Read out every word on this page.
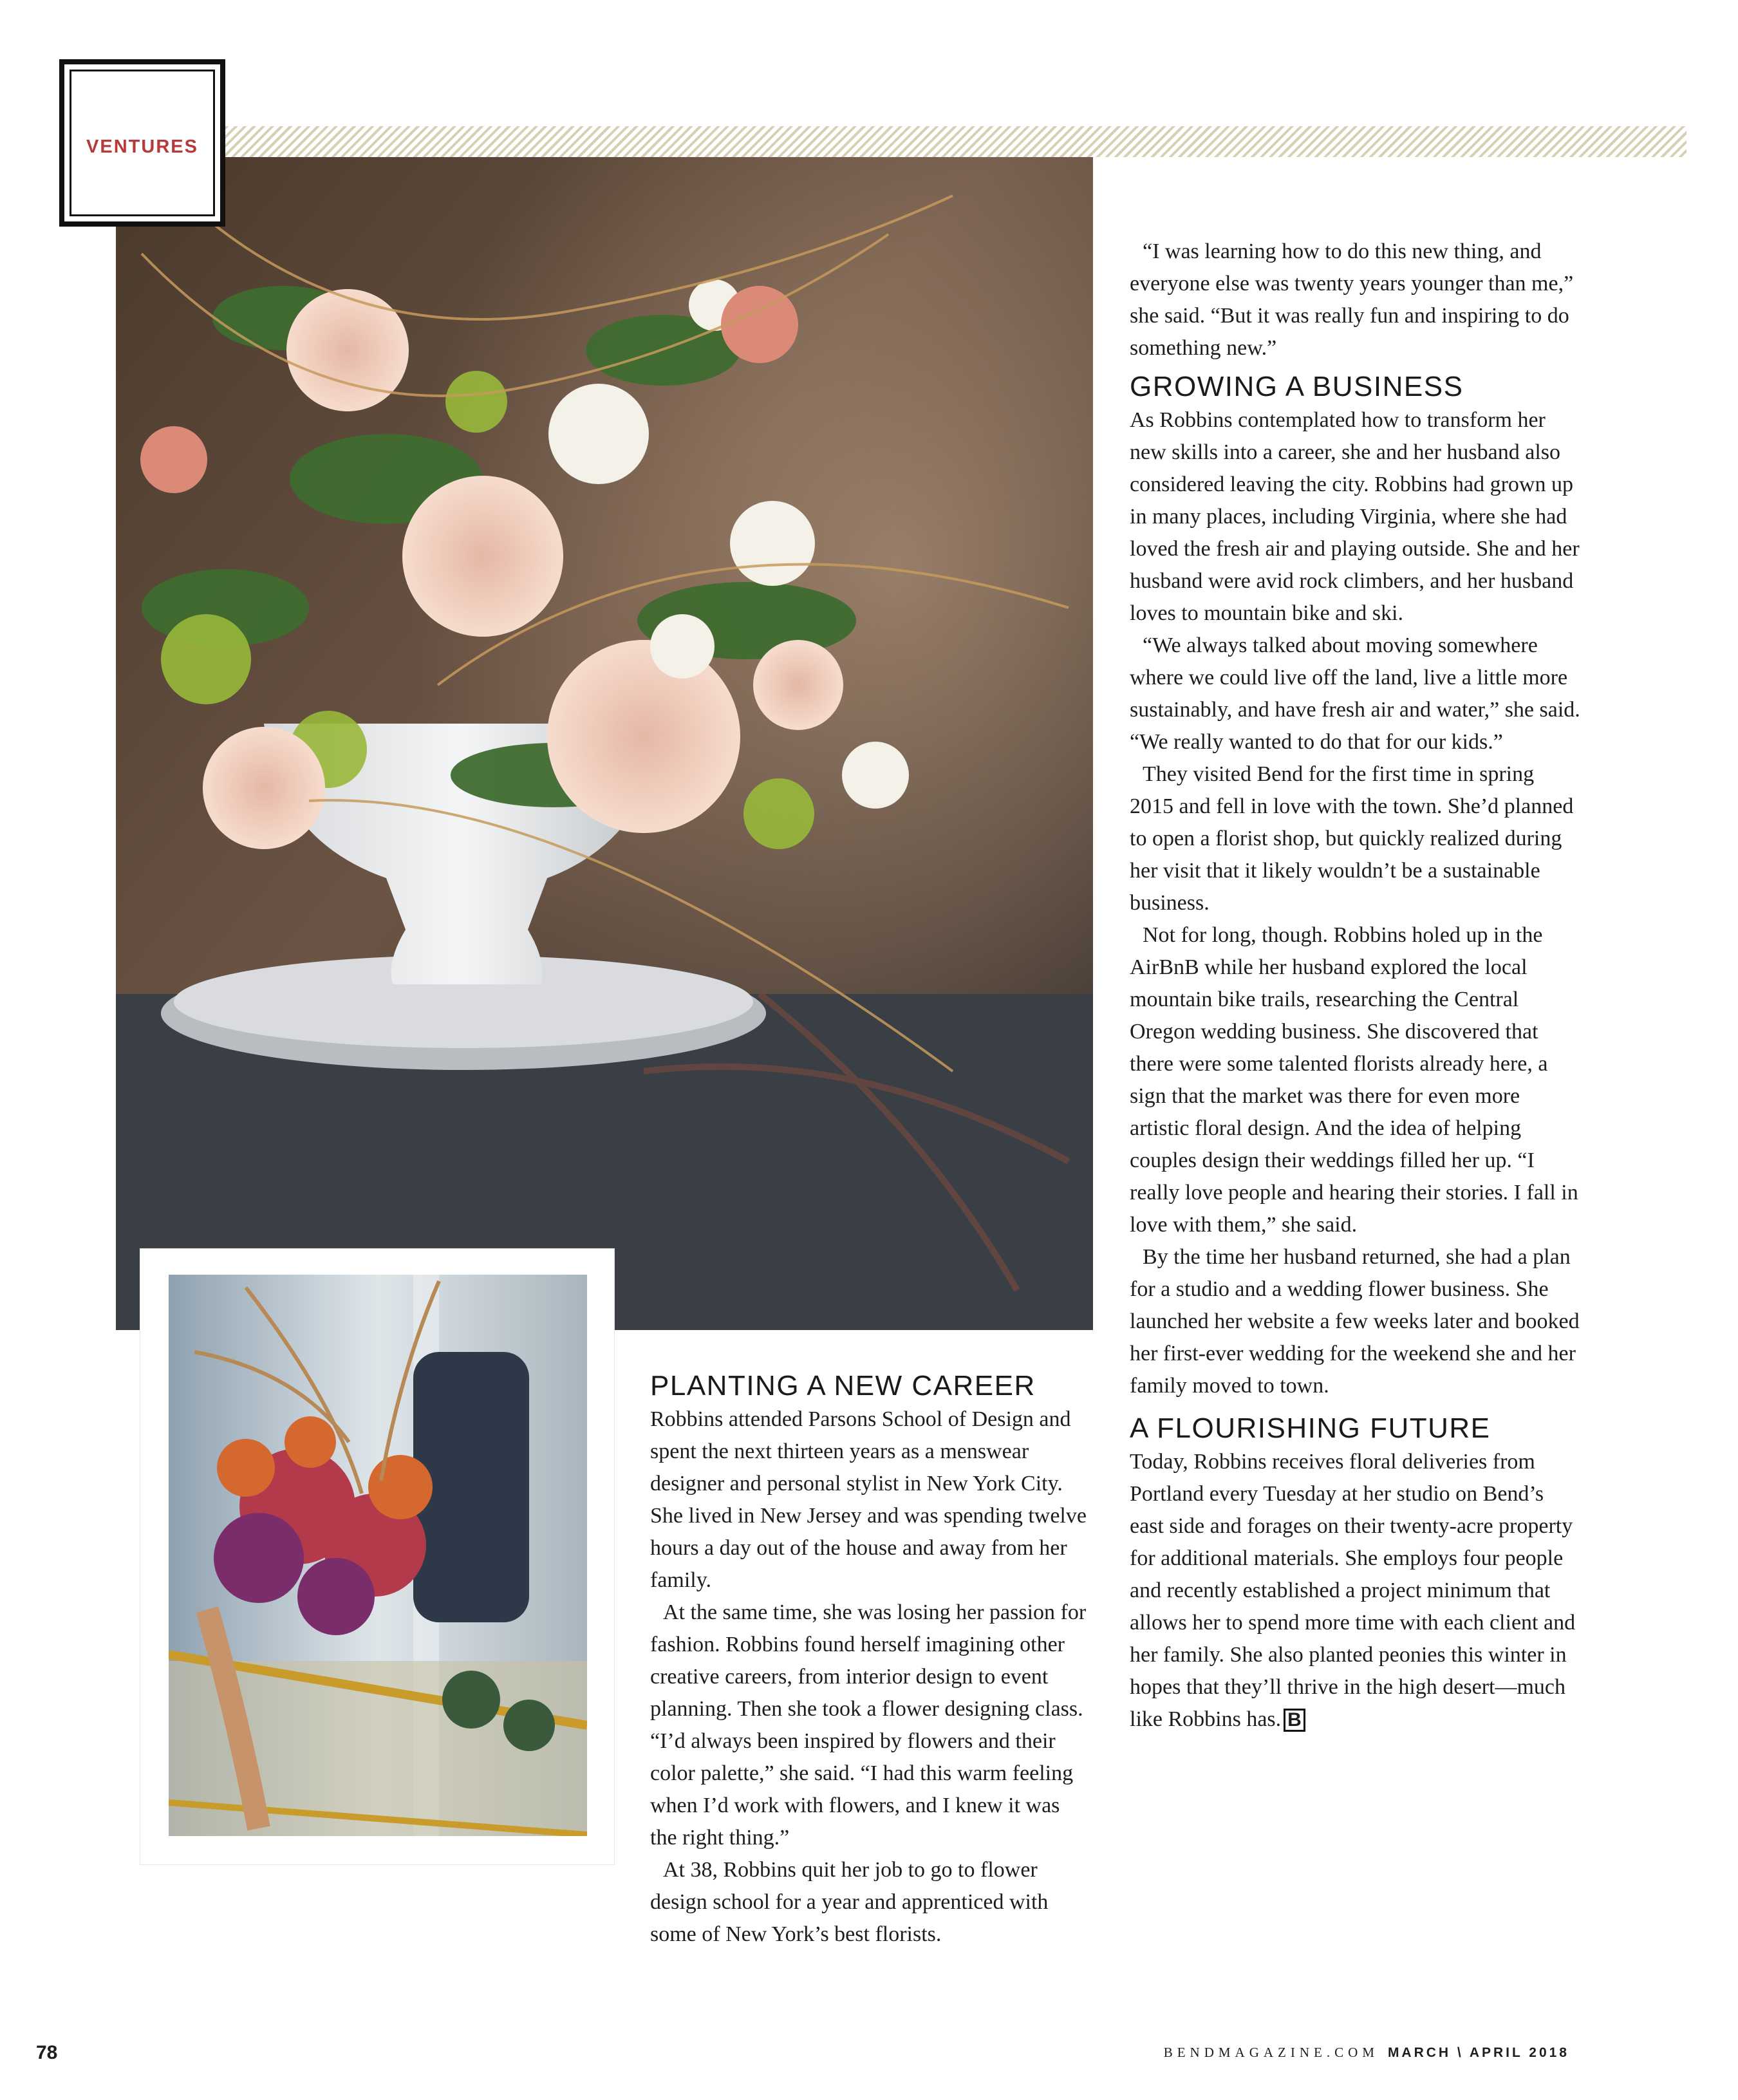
VENTURES
PLANTING A NEW CAREER

Robbins attended Parsons School of Design and spent the next thirteen years as a menswear designer and personal stylist in New York City. She lived in New Jersey and was spending twelve hours a day out of the house and away from her family.

At the same time, she was losing her passion for fashion. Robbins found herself imagining other creative careers, from interior design to event planning. Then she took a flower designing class. “I’d always been inspired by flowers and their color palette,” she said. “I had this warm feeling when I’d work with flowers, and I knew it was the right thing.”

At 38, Robbins quit her job to go to flower design school for a year and apprenticed with some of New York’s best florists.

“I was learning how to do this new thing, and everyone else was twenty years younger than me,” she said. “But it was really fun and inspiring to do something new.”

GROWING A BUSINESS

As Robbins contemplated how to transform her new skills into a career, she and her husband also considered leaving the city. Robbins had grown up in many places, including Virginia, where she had loved the fresh air and playing outside. She and her husband were avid rock climbers, and her husband loves to mountain bike and ski.

“We always talked about moving somewhere where we could live off the land, live a little more sustainably, and have fresh air and water,” she said. “We really wanted to do that for our kids.”

They visited Bend for the first time in spring 2015 and fell in love with the town. She’d planned to open a florist shop, but quickly realized during her visit that it likely wouldn’t be a sustainable business.

Not for long, though. Robbins holed up in the AirBnB while her husband explored the local mountain bike trails, researching the Central Oregon wedding business. She discovered that there were some talented florists already here, a sign that the market was there for even more artistic floral design. And the idea of helping couples design their weddings filled her up. “I really love people and hearing their stories. I fall in love with them,” she said.

By the time her husband returned, she had a plan for a studio and a wedding flower business. She launched her website a few weeks later and booked her first-ever wedding for the weekend she and her family moved to town.

A FLOURISHING FUTURE

Today, Robbins receives floral deliveries from Portland every Tuesday at her studio on Bend’s east side and forages on their twenty-acre property for additional materials. She employs four people and recently established a project minimum that allows her to spend more time with each client and her family. She also planted peonies this winter in hopes that they’ll thrive in the high desert—much like Robbins has. B

78	BENDMAGAZINE.COM MARCH \ APRIL 2018
